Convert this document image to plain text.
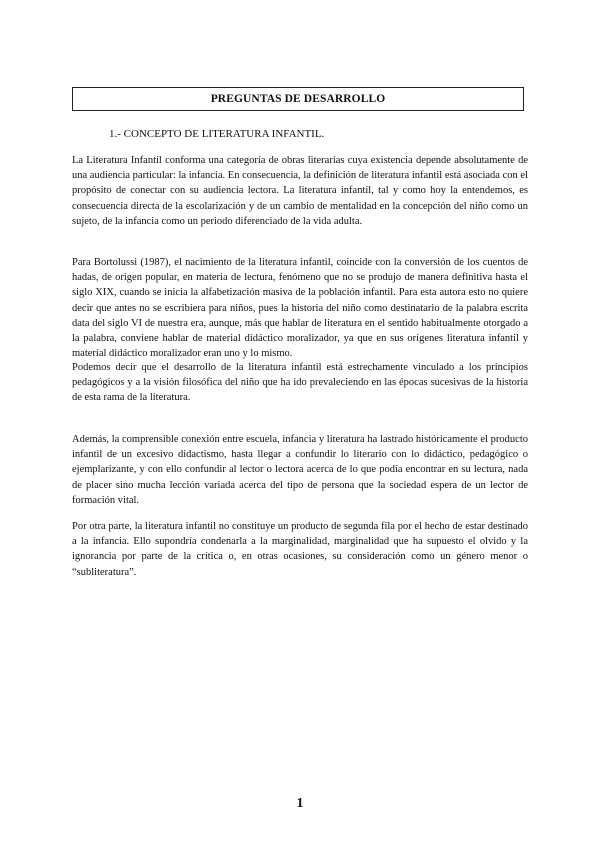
PREGUNTAS DE DESARROLLO
1.- CONCEPTO DE LITERATURA INFANTIL.

La Literatura Infantil conforma una categoría de obras literarias cuya existencia depende absolutamente de una audiencia particular: la infancia. En consecuencia, la definición de literatura infantil está asociada con el propósito de conectar con su audiencia lectora. La literatura infantil, tal y como hoy la entendemos, es consecuencia directa de la escolarización y de un cambio de mentalidad en la concepción del niño como un sujeto, de la infancia como un periodo diferenciado de la vida adulta.

Para Bortolussi (1987), el nacimiento de la literatura infantil, coincide con la conversión de los cuentos de hadas, de origen popular, en materia de lectura, fenómeno que no se produjo de manera definitiva hasta el siglo XIX, cuando se inicia la alfabetización masiva de la población infantil. Para esta autora esto no quiere decir que antes no se escribiera para niños, pues la historia del niño como destinatario de la palabra escrita data del siglo VI de nuestra era, aunque, más que hablar de literatura en el sentido habitualmente otorgado a la palabra, conviene hablar de material didáctico moralizador, ya que en sus orígenes literatura infantil y material didáctico moralizador eran uno y lo mismo.

Podemos decir que el desarrollo de la literatura infantil está estrechamente vinculado a los principios pedagógicos y a la visión filosófica del niño que ha ido prevaleciendo en las épocas sucesivas de la historia de esta rama de la literatura.

Además, la comprensible conexión entre escuela, infancia y literatura ha lastrado históricamente el producto infantil de un excesivo didactismo, hasta llegar a confundir lo literario con lo didáctico, pedagógico o ejemplarizante, y con ello confundir al lector o lectora acerca de lo que podía encontrar en su lectura, nada de placer sino mucha lección variada acerca del tipo de persona que la sociedad espera de un lector de formación vital.

Por otra parte, la literatura infantil no constituye un producto de segunda fila por el hecho de estar destinado a la infancia. Ello supondría condenarla a la marginalidad, marginalidad que ha supuesto el olvido y la ignorancia por parte de la crítica o, en otras ocasiones, su consideración como un género menor o “subliteratura”.

1
